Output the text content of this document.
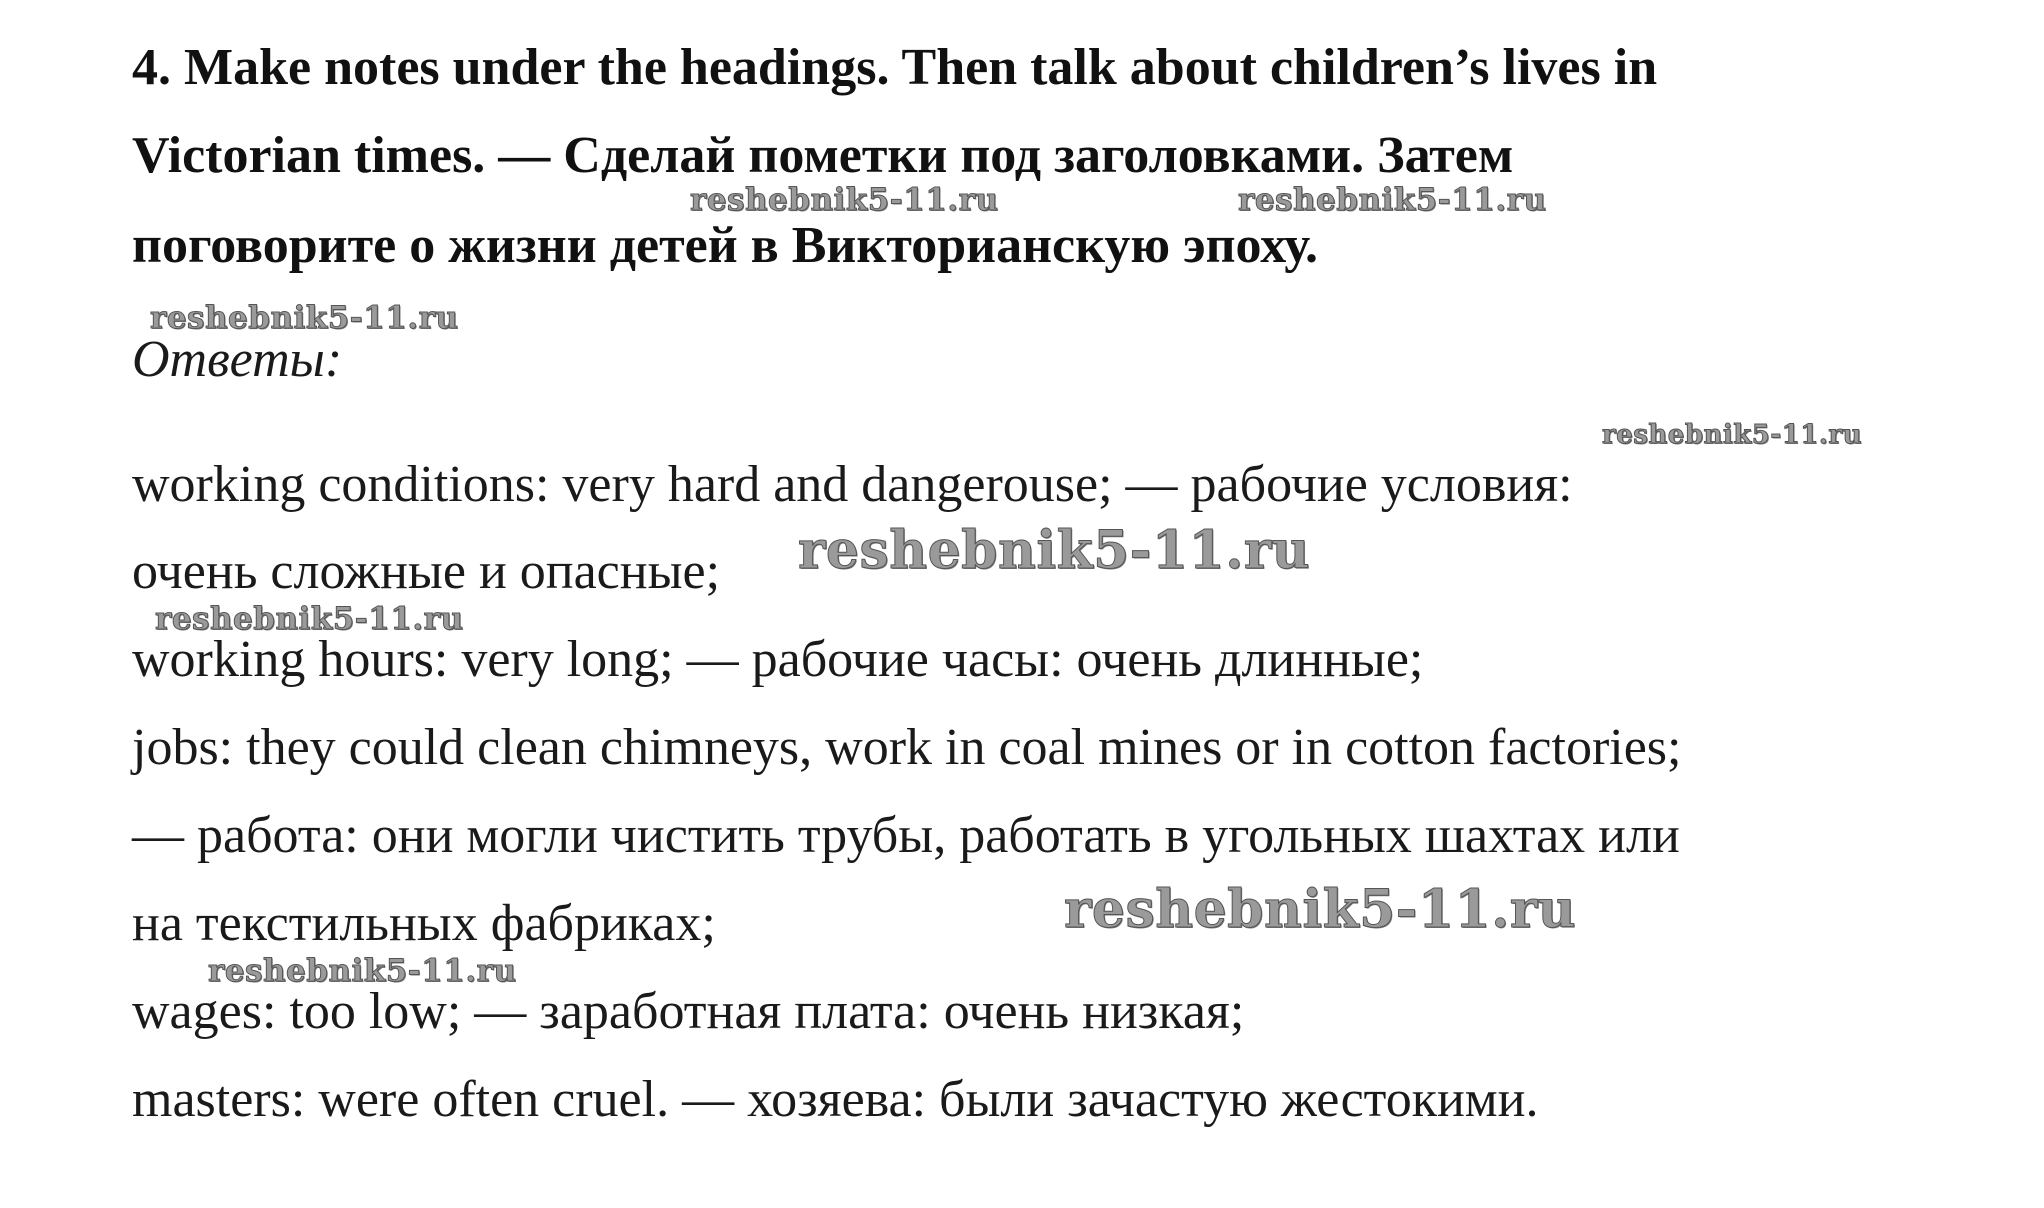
4. Make notes under the headings. Then talk about children’s lives in
Victorian times. — Сделай пометки под заголовками. Затем
поговорите о жизни детей в Викторианскую эпоху.
Ответы:
working conditions: very hard and dangerouse; — рабочие условия:
очень сложные и опасные;
working hours: very long; — рабочие часы: очень длинные;
jobs: they could clean chimneys, work in coal mines or in cotton factories;
— работа: они могли чистить трубы, работать в угольных шахтах или
на текстильных фабриках;
wages: too low; — заработная плата: очень низкая;
masters: were often cruel. — хозяева: были зачастую жестокими.
reshebnik5-11.ru	reshebnik5-11.ru
reshebnik5-11.ru
reshebnik5-11.ru
reshebnik5-11.ru
reshebnik5-11.ru
reshebnik5-11.ru
reshebnik5-11.ru
